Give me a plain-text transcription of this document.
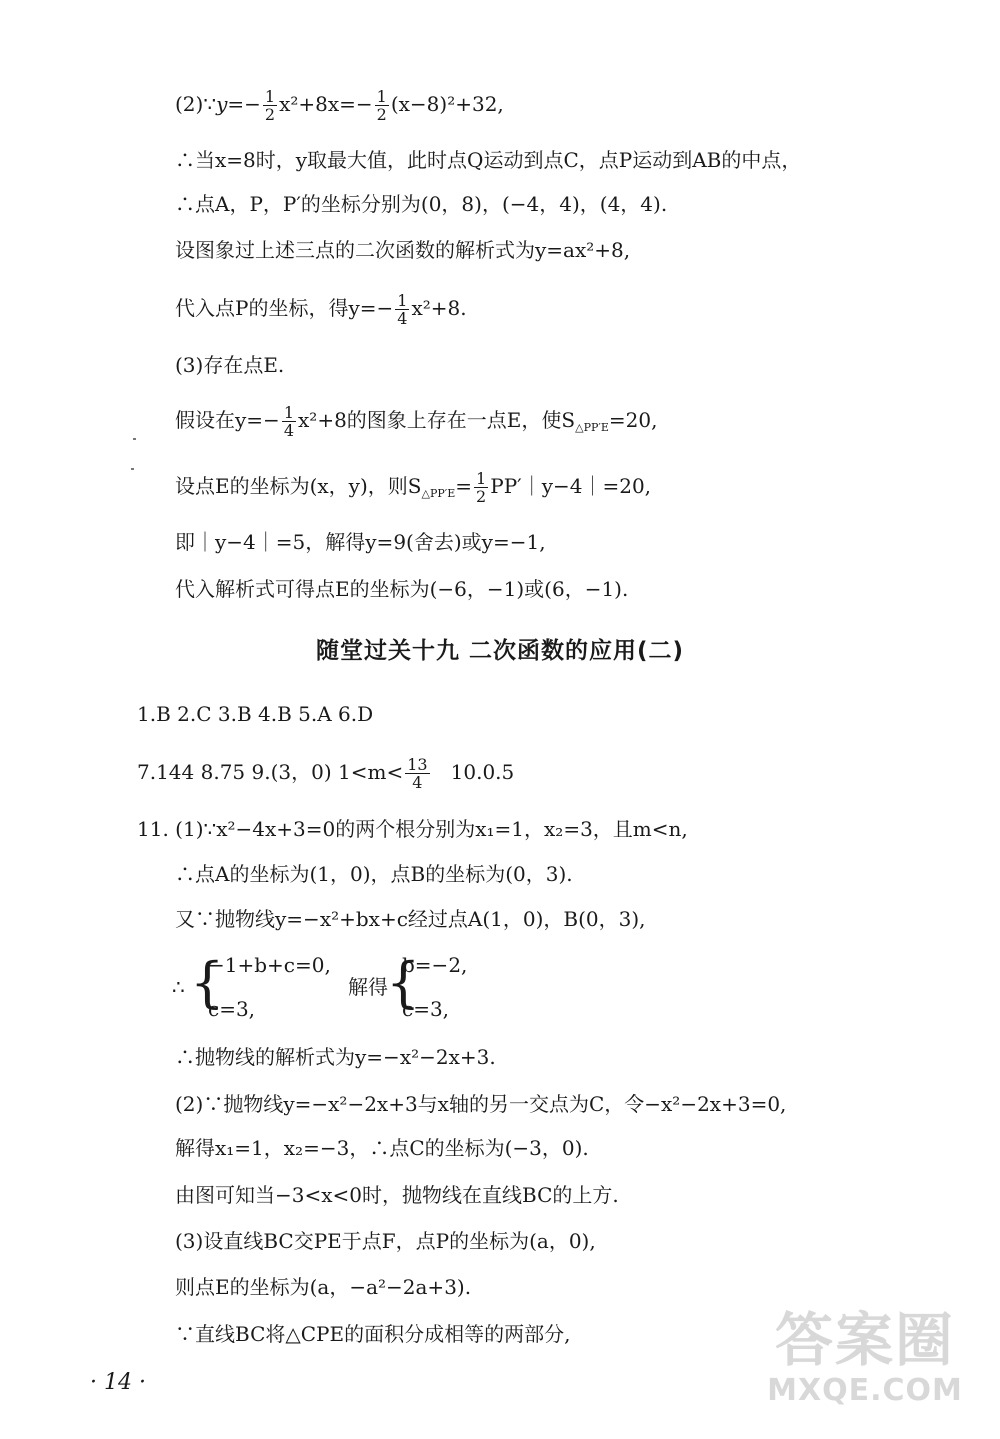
(2)∵y=− $\frac{1}{2} x^2+8x=- \frac{1}{2} (x-8)^2+32$,
∴当x=8时，y取最大值，此时点Q运动到点C，点P运动到AB的中点，
∴点A，P，P′的坐标分别为(0，8)，(−4，4)，(4，4).
设图象过上述三点的二次函数的解析式为y=ax²+8,
代入点P的坐标，得$y=- \frac{1}{4} x^2+8$.
(3)存在点E.
假设在$y=- \frac{1}{4} x^2+8$的图象上存在一点E，使$S_{\triangle PP'E}=20$,
设点E的坐标为(x，y)，则$S_{\triangle PP'E}= \frac{1}{2}$ PP′｜y−4｜=20,
即｜y−4｜=5，解得y=9(舍去)或y=−1,
代入解析式可得点E的坐标为(−6，−1)或(6，−1).
随堂过关十九 二次函数的应用(二)
1.B 2.C 3.B 4.B 5.A 6.D
7.144 8.75 9.(3，0) $1<m< \frac{13}{4} 10.0.5$
11. (1)∵x²−4x+3=0的两个根分别为x₁=1，x₂=3，且m<n,
∴点A的坐标为(1，0)，点B的坐标为(0，3).
又∵抛物线y=−x²+bx+c经过点A(1，0)，B(0，3),
∴ {
−1+b+c=0,
c=3,
解得
{
b=−2,
c=3,
∴抛物线的解析式为y=−x²−2x+3.
(2)∵抛物线y=−x²−2x+3与x轴的另一交点为C，令−x²−2x+3=0,
解得x₁=1，x₂=−3，∴点C的坐标为(−3，0).
由图可知当−3<x<0时，抛物线在直线BC的上方.
(3)设直线BC交PE于点F，点P的坐标为(a，0),
则点E的坐标为(a，−a²−2a+3).
∵直线BC将△CPE的面积分成相等的两部分,
· 14 ·
答案圈
MXQE.COM
